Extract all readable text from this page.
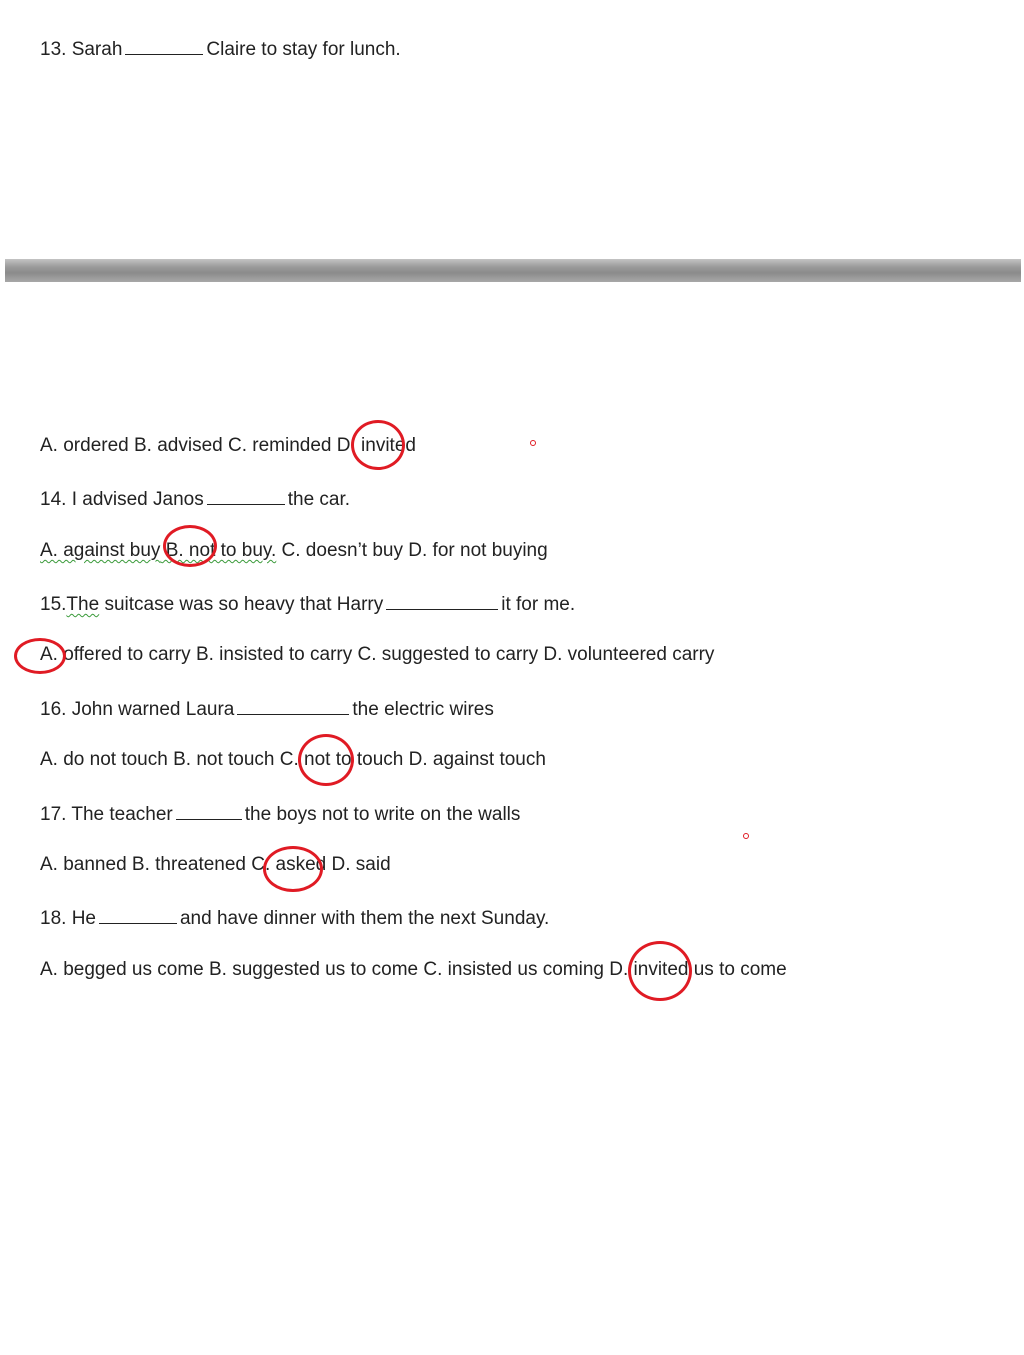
13. Sarah	Claire to stay for lunch.
A. ordered B. advised C. reminded D. invited
14. I advised Janos	the car.
A. against buy B. not to buy. C. doesn’t buy D. for not buying
15.The suitcase was so heavy that Harry	it for me.
A. offered to carry B. insisted to carry C. suggested to carry D. volunteered carry
16. John warned Laura	the electric wires
A. do not touch B. not touch C. not to touch D. against touch
17. The teacher	the boys not to write on the walls
A. banned B. threatened C. asked D. said
18. He	and have dinner with them the next Sunday.
A. begged us come B. suggested us to come C. insisted us coming D. invited us to come
